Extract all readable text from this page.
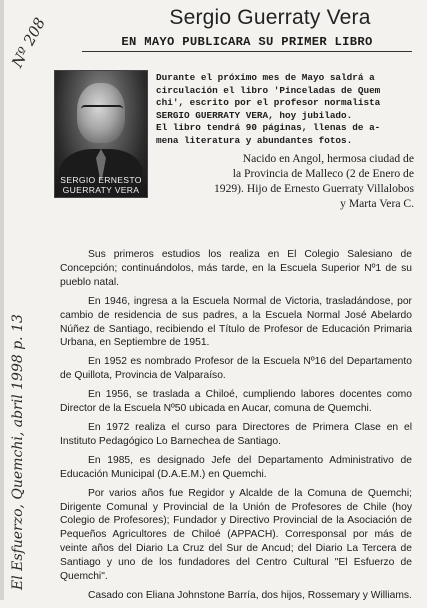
Sergio Guerraty Vera
EN MAYO PUBLICARA SU PRIMER LIBRO
SERGIO ERNESTO
GUERRATY VERA
Durante el próximo mes de Mayo saldrá a
circulación el libro 'Pinceladas de Quem
chi', escrito por el profesor normalista
SERGIO GUERRATY VERA, hoy jubilado.
El libro tendrá 90 páginas, llenas de a-
mena literatura y abundantes fotos.
Nacido en Angol, hermosa ciudad de
la Provincia de Malleco (2 de Enero de
1929). Hijo de Ernesto Guerraty Villalobos
y Marta Vera C.

Sus primeros estudios los realiza en El Colegio Salesiano de Concepción; continuándolos, más tarde, en la Escuela Superior Nº1 de su pueblo natal.

En 1946, ingresa a la Escuela Normal de Victoria, trasladándose, por cambio de residencia de sus padres, a la Escuela Normal José Abelardo Núñez de Santiago, recibiendo el Título de Profesor de Educación Primaria Urbana, en Septiembre de 1951.

En 1952 es nombrado Profesor de la Escuela Nº16 del Departamento de Quillota, Provincia de Valparaíso.

En 1956, se traslada a Chiloé, cumpliendo labores docentes como Director de la Escuela Nº50 ubicada en Aucar, comuna de Quemchi.

En 1972 realiza el curso para Directores de Primera Clase en el Instituto Pedagógico Lo Barnechea de Santiago.

En 1985, es designado Jefe del Departamento Administrativo de Educación Municipal (D.A.E.M.) en Quemchi.

Por varios años fue Regidor y Alcalde de la Comuna de Quemchi; Dirigente Comunal y Provincial de la Unión de Profesores de Chile (hoy Colegio de Profesores); Fundador y Directivo Provincial de la Asociación de Pequeños Agricultores de Chiloé (APPACH). Corresponsal por más de veinte años del Diario La Cruz del Sur de Ancud; del Diario La Tercera de Santiago y uno de los fundadores del Centro Cultural "El Esfuerzo de Quemchi".

Casado con Eliana Johnstone Barría, dos hijos, Rossemary y Williams.

Nº 208
El Esfuerzo, Quemchi, abril 1998 p. 13
